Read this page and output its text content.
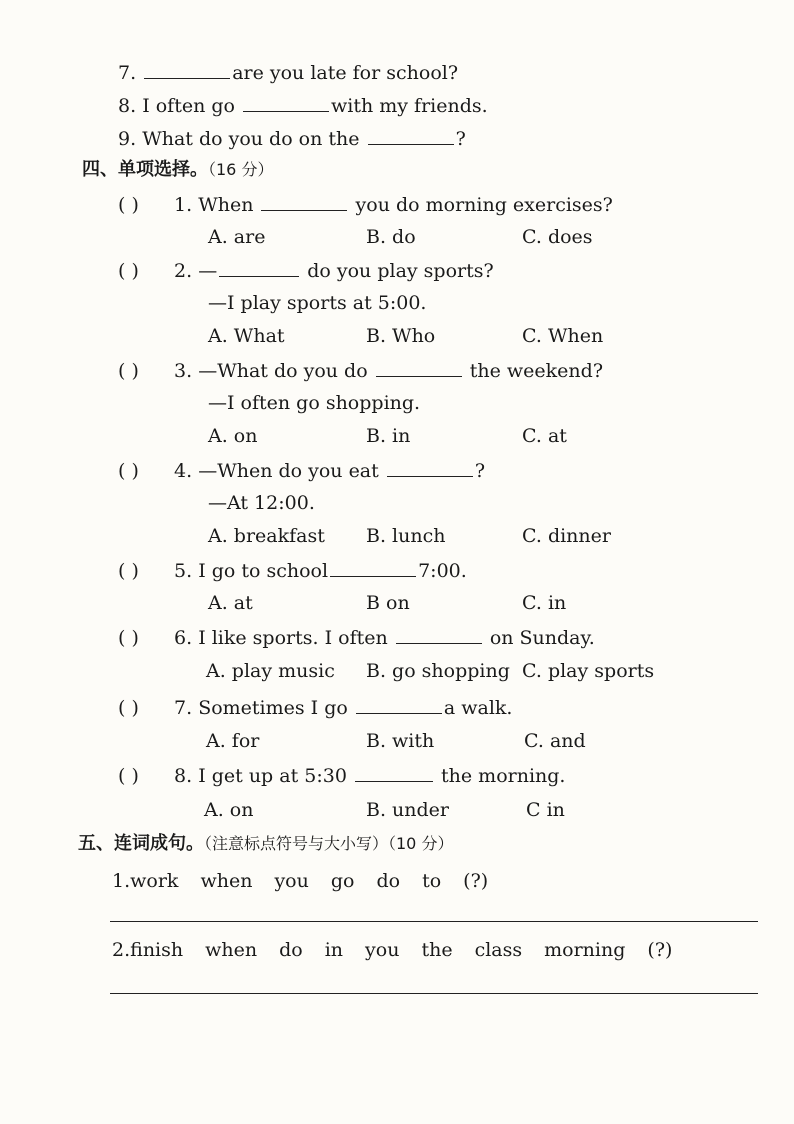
7.	are you late for school?
8. I often go	with my friends.
9. What do you do on the	?
四、单项选择。（16 分）
( ) 1. When	you do morning exercises?
A. are	B. do	C. does
( ) 2. —	do you play sports?
—I play sports at 5:00.
A. What	B. Who	C. When
( ) 3. —What do you do	the weekend?
—I often go shopping.
A. on	B. in	C. at
( ) 4. —When do you eat	?
—At 12:00.
A. breakfast B. lunch	C. dinner
( ) 5. I go to school	7:00.
A. at	B on	C. in
( ) 6. I like sports. I often	on Sunday.
A. play music B. go shopping C. play sports
( ) 7. Sometimes I go	a walk.
A. for	B. with	C. and
( ) 8. I get up at 5:30	the morning.
A. on	B. under	C in
五、连词成句。（注意标点符号与大小写）（10 分）
1.work when you go do to (?)
2.finish when do in you the class morning (?)
